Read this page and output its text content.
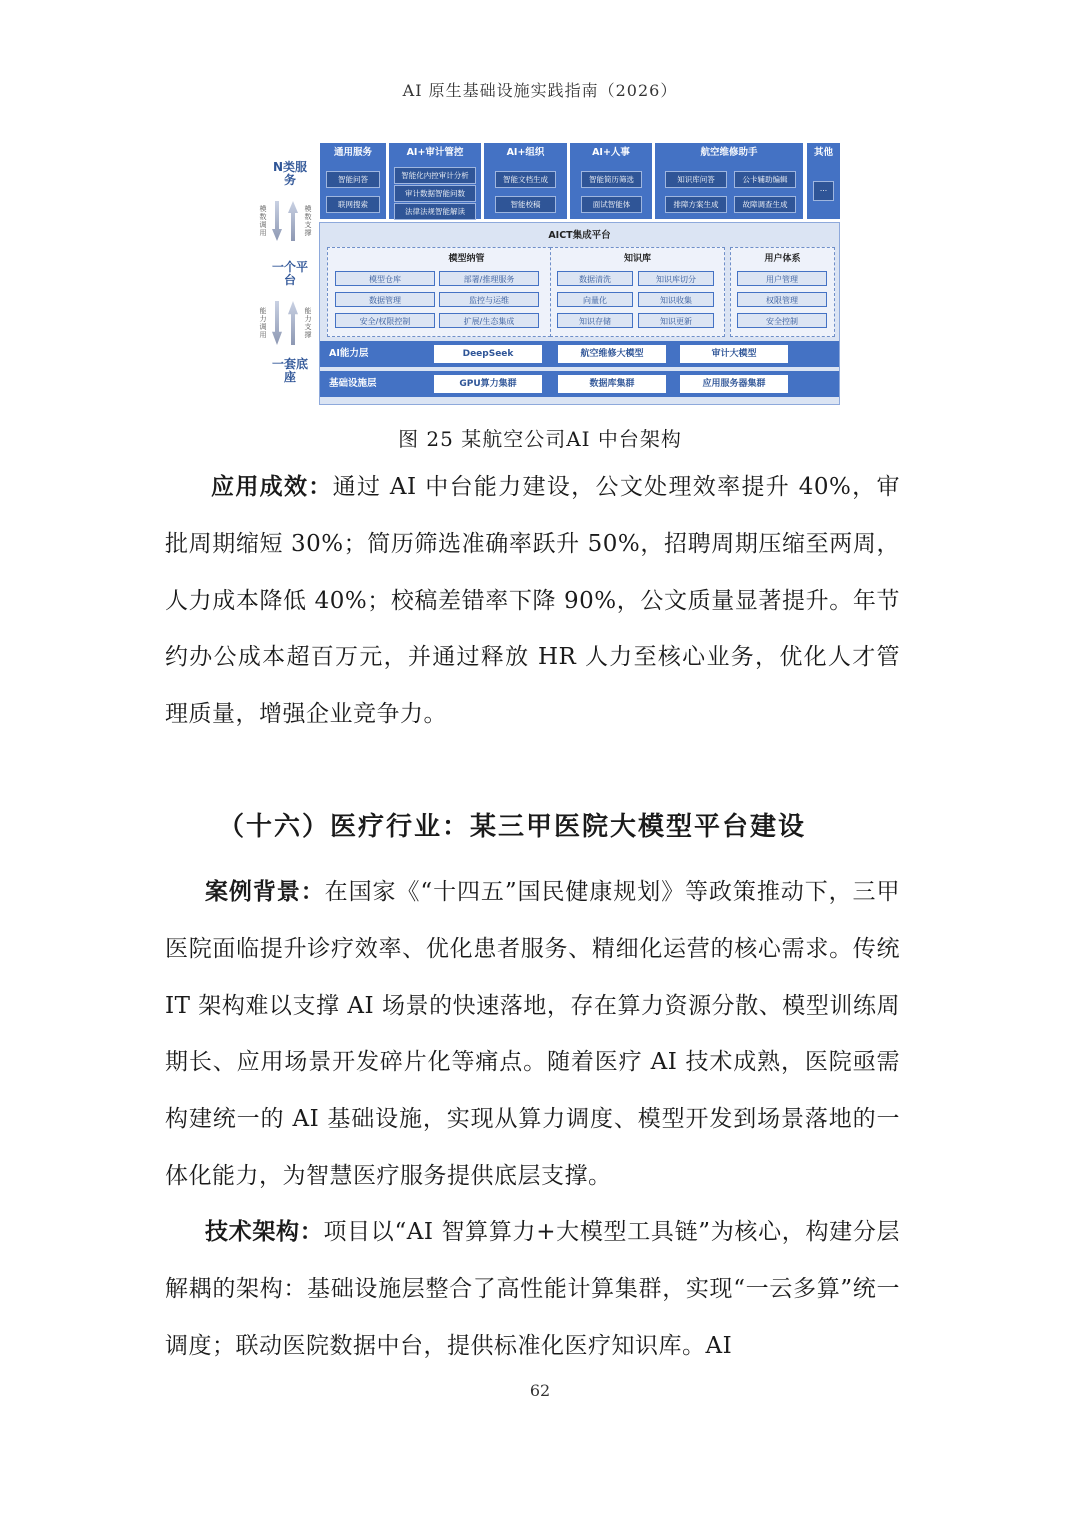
AI 原生基础设施实践指南（2026）
N类服务
模数调用
模数支撑
一个平台
能力调用
能力支撑
一套底座
通用服务
智能问答
联网搜索
AI+审计管控
智能化内控审计分析
审计数据智能问数
法律法规智能解读
AI+组织
智能文档生成
智能校稿
AI+人事
智能简历筛选
面试智能体
航空维修助手
知识库问答	公卡辅助编辑
排障方案生成	故障调查生成
其他
...
AICT集成平台
模型纳管
模型仓库	部署/推理服务
数据管理	监控与运维
安全/权限控制	扩展/生态集成
知识库
数据清洗	知识库切分
向量化	知识收集
知识存储	知识更新
用户体系
用户管理
权限管理
安全控制
AI能力层	DeepSeek	航空维修大模型	审计大模型
基础设施层	GPU算力集群	数据库集群	应用服务器集群
图 25 某航空公司AI 中台架构
应用成效：通过 AI 中台能力建设，公文处理效率提升 40%，审批周期缩短 30%；简历筛选准确率跃升 50%，招聘周期压缩至两周，人力成本降低 40%；校稿差错率下降 90%，公文质量显著提升。年节约办公成本超百万元，并通过释放 HR 人力至核心业务，优化人才管理质量，增强企业竞争力。
（十六）医疗行业：某三甲医院大模型平台建设
案例背景：在国家《“十四五”国民健康规划》等政策推动下，三甲医院面临提升诊疗效率、优化患者服务、精细化运营的核心需求。传统 IT 架构难以支撑 AI 场景的快速落地，存在算力资源分散、模型训练周期长、应用场景开发碎片化等痛点。随着医疗 AI 技术成熟，医院亟需构建统一的 AI 基础设施，实现从算力调度、模型开发到场景落地的一体化能力，为智慧医疗服务提供底层支撑。
技术架构：项目以“AI 智算算力+大模型工具链”为核心，构建分层解耦的架构：基础设施层整合了高性能计算集群，实现“一云多算”统一调度；联动医院数据中台，提供标准化医疗知识库。AI
62
